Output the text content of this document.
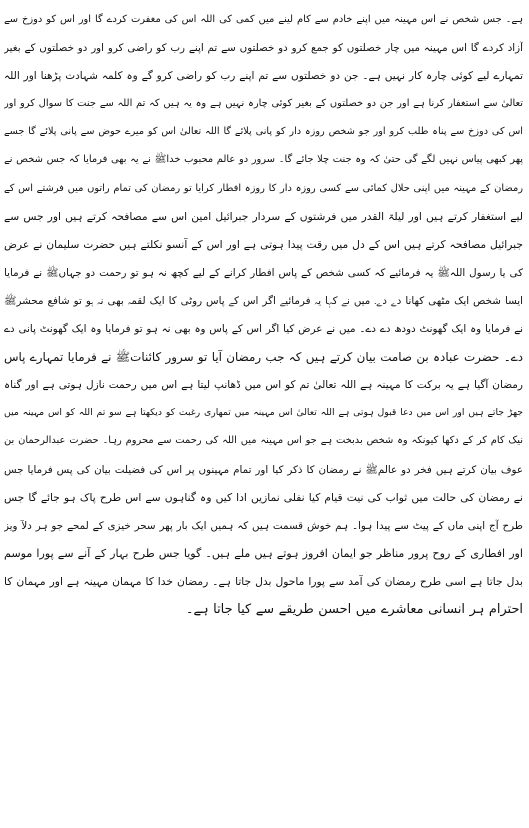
ہے۔ جس شخص نے اس مہینہ میں اپنے خادم سے کام لینے میں کمی کی اللہ اس کی مغفرت کردے گا اور اس کو دوزخ سے
آزاد کردے گا اس مہینہ میں چار خصلتوں کو جمع کرو دو خصلتوں سے تم اپنے رب کو راضی کرو اور دو خصلتوں کے بغیر
تمہارے لیے کوئی چارہ کار نہیں ہے۔ جن دو خصلتوں سے تم اپنے رب کو راضی کرو گے وہ کلمہ شہادت پڑھنا اور اللہ
تعالیٰ سے استغفار کرنا ہے اور جن دو خصلتوں کے بغیر کوئی چارہ نہیں ہے وہ یہ ہیں کہ تم اللہ سے جنت کا سوال کرو اور
اس کی دوزخ سے پناہ طلب کرو اور جو شخص روزہ دار کو پانی پلائے گا اللہ تعالیٰ اس کو میرے حوض سے پانی پلائے گا جسے
پھر کبھی پیاس نہیں لگے گی حتیٰ کہ وہ جنت چلا جائے گا۔ سرور دو عالم محبوب خداﷺ نے یہ بھی فرمایا کہ جس شخص نے
رمضان کے مہینہ میں اپنی حلال کمائی سے کسی روزہ دار کا روزہ افطار کرایا تو رمضان کی تمام راتوں میں فرشتے اس کے
لیے استغفار کرتے ہیں اور لیلۃ القدر میں فرشتوں کے سردار جبرائیل امین اس سے مصافحہ کرتے ہیں اور جس سے
جبرائیل مصافحہ کرتے ہیں اس کے دل میں رقت پیدا ہوتی ہے اور اس کے آنسو نکلتے ہیں حضرت سلیمان نے عرض
کی یا رسول اللہﷺ یہ فرمائیے کہ کسی شخص کے پاس افطار کرانے کے لیے کچھ نہ ہو تو رحمت دو جہاںﷺ نے فرمایا
ایسا شخص ایک مٹھی کھانا دے دے۔ میں نے کہا یہ فرمائیے اگر اس کے پاس روٹی کا ایک لقمہ بھی نہ ہو تو شافع محشرﷺ
نے فرمایا وہ ایک گھونٹ دودھ دے دے۔ میں نے عرض کیا اگر اس کے پاس وہ بھی نہ ہو تو فرمایا وہ ایک گھونٹ پانی دے
دے۔ حضرت عبادہ بن صامت بیان کرتے ہیں کہ جب رمضان آیا تو سرور کائناتﷺ نے فرمایا تمہارے پاس
رمضان آگیا ہے یہ برکت کا مہینہ ہے اللہ تعالیٰ تم کو اس میں ڈھانپ لیتا ہے اس میں رحمت نازل ہوتی ہے اور گناہ
جھڑ جاتے ہیں اور اس میں دعا قبول ہوتی ہے اللہ تعالیٰ اس مہینہ میں تمھاری رغبت کو دیکھتا ہے سو تم اللہ کو اس مہینہ میں
نیک کام کر کے دکھا کیونکہ وہ شخص بدبخت ہے جو اس مہینہ میں اللہ کی رحمت سے محروم رہا۔ حضرت عبدالرحمان بن
عوف بیان کرتے ہیں فخر دو عالمﷺ نے رمضان کا ذکر کیا اور تمام مہینوں پر اس کی فضیلت بیان کی پس فرمایا جس
نے رمضان کی حالت میں ثواب کی نیت قیام کیا نفلی نمازیں ادا کیں وہ گناہوں سے اس طرح پاک ہو جائے گا جس
طرح آج اپنی ماں کے پیٹ سے پیدا ہوا۔ ہم خوش قسمت ہیں کہ ہمیں ایک بار پھر سحر خیزی کے لمحے جو ہر دلآ ویز
اور افطاری کے روح پرور مناظر جو ایمان افروز ہوتے ہیں ملے ہیں۔ گویا جس طرح بہار کے آنے سے پورا موسم
بدل جاتا ہے اسی طرح رمضان کی آمد سے پورا ماحول بدل جاتا ہے۔ رمضان خدا کا مہمان مہینہ ہے اور مہمان کا
احترام ہر انسانی معاشرے میں احسن طریقے سے کیا جاتا ہے۔
